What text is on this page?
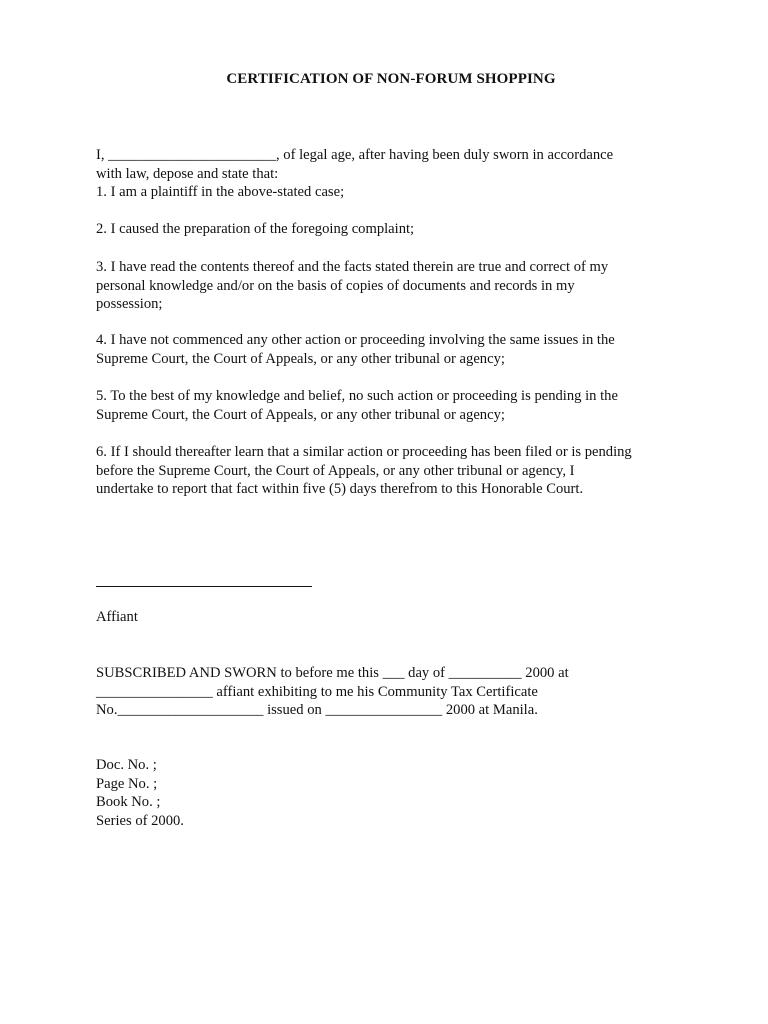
CERTIFICATION OF NON-FORUM SHOPPING
I, _______________________, of legal age, after having been duly sworn in accordance
with law, depose and state that:
1. I am a plaintiff in the above-stated case;
2. I caused the preparation of the foregoing complaint;
3. I have read the contents thereof and the facts stated therein are true and correct of my
personal knowledge and/or on the basis of copies of documents and records in my
possession;
4. I have not commenced any other action or proceeding involving the same issues in the
Supreme Court, the Court of Appeals, or any other tribunal or agency;
5. To the best of my knowledge and belief, no such action or proceeding is pending in the
Supreme Court, the Court of Appeals, or any other tribunal or agency;
6. If I should thereafter learn that a similar action or proceeding has been filed or is pending
before the Supreme Court, the Court of Appeals, or any other tribunal or agency, I
undertake to report that fact within five (5) days therefrom to this Honorable Court.
Affiant
SUBSCRIBED AND SWORN to before me this ___ day of __________ 2000 at
________________ affiant exhibiting to me his Community Tax Certificate
No.____________________ issued on ________________ 2000 at Manila.
Doc. No. ;
Page No. ;
Book No. ;
Series of 2000.
